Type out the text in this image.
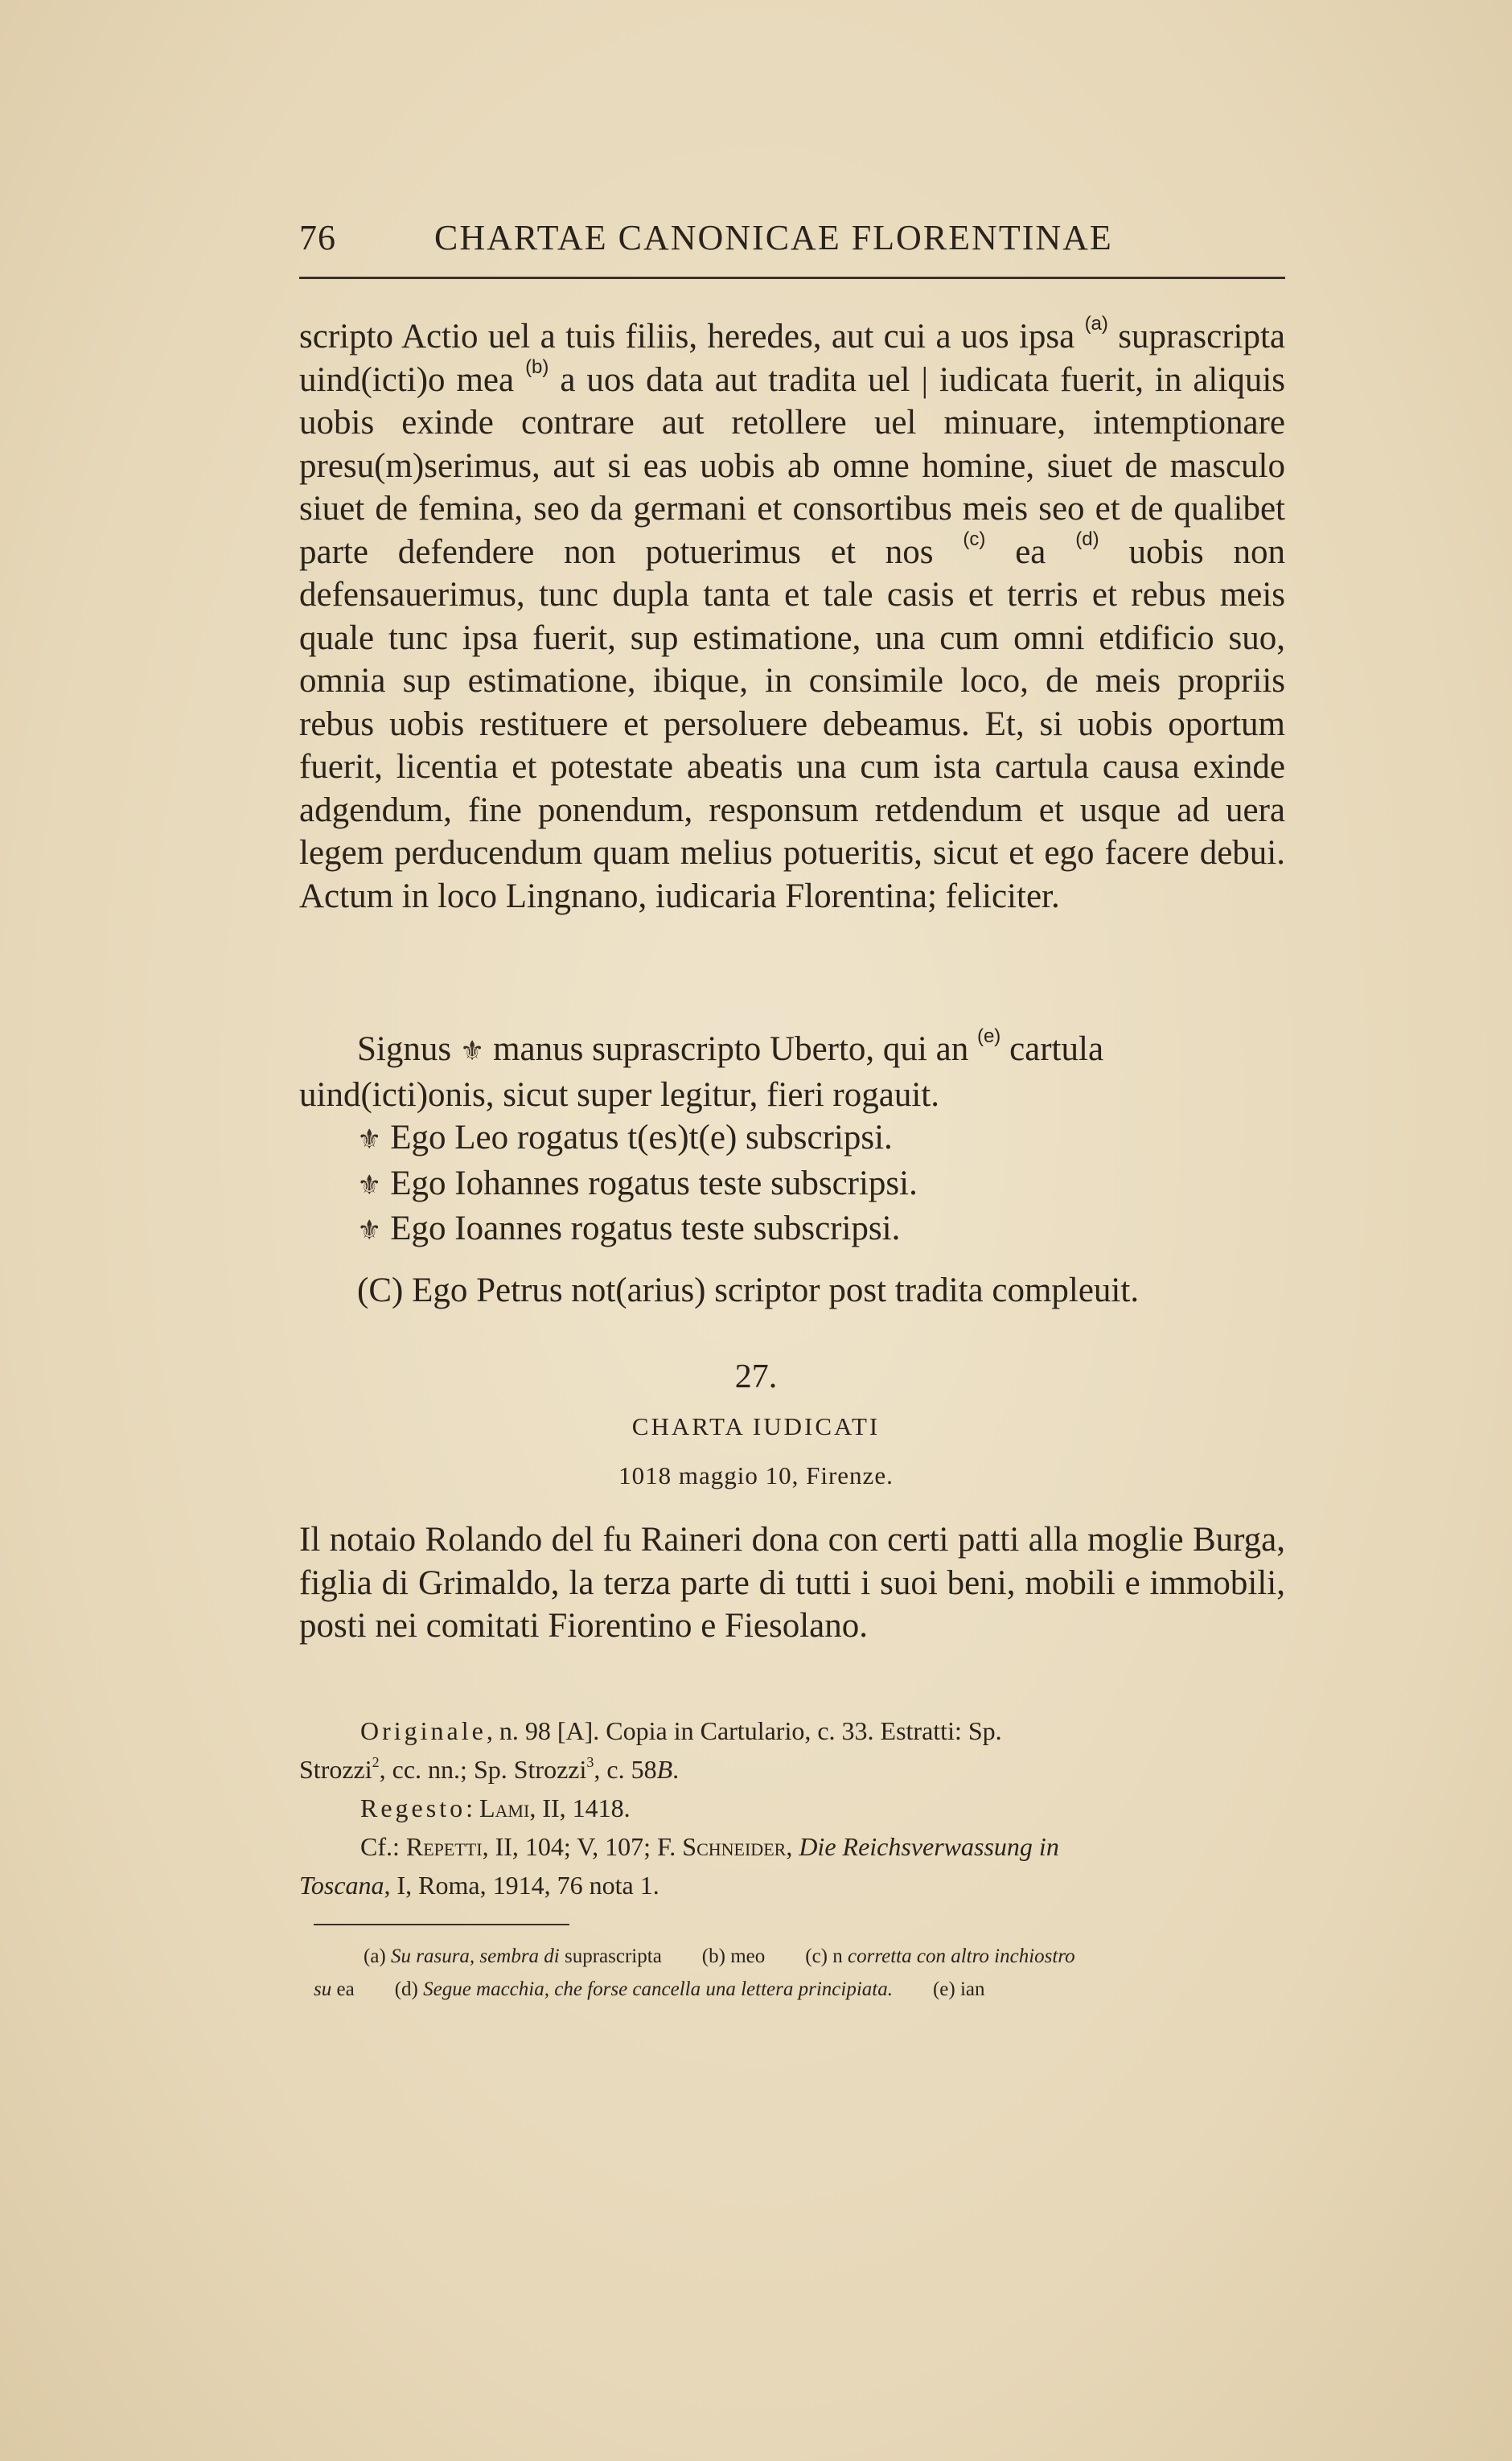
76	CHARTAE CANONICAE FLORENTINAE

scripto Actio uel a tuis filiis, heredes, aut cui a uos ipsa $^{(a)}$ suprascripta uind(icti)o mea $^{(b)}$ a uos data aut tradita uel | iudicata fuerit, in aliquis uobis exinde contrare aut retollere uel minuare, intemptionare presu(m)serimus, aut si eas uobis ab omne homine, siuet de masculo siuet de femina, seo da germani et consortibus meis seo et de qualibet parte defendere non potuerimus et nos $^{(c)}$ ea $^{(d)}$ uobis non defensauerimus, tunc dupla tanta et tale casis et terris et rebus meis quale tunc ipsa fuerit, sup estimatione, una cum omni etdificio suo, omnia sup estimatione, ibique, in consimile loco, de meis propriis rebus uobis restituere et persoluere debeamus. Et, si uobis oportum fuerit, licentia et potestate abeatis una cum ista cartula causa exinde adgendum, fine ponendum, responsum retdendum et usque ad uera legem perducendum quam melius potueritis, sicut et ego facere debui. Actum in loco Lingnano, iudicaria Florentina; feliciter.

Signus ⚜ manus suprascripto Uberto, qui an $^{(e)}$ cartula

uind(icti)onis, sicut super legitur, fieri rogauit.

⚜ Ego Leo rogatus t(es)t(e) subscripsi.

⚜ Ego Iohannes rogatus teste subscripsi.

⚜ Ego Ioannes rogatus teste subscripsi.

(C) Ego Petrus not(arius) scriptor post tradita compleuit.

27.
CHARTA IUDICATI
1018 maggio 10, Firenze.

Il notaio Rolando del fu Raineri dona con certi patti alla moglie Burga, figlia di Grimaldo, la terza parte di tutti i suoi beni, mobili e immobili, posti nei comitati Fiorentino e Fiesolano.

Originale, n. 98 [A]. Copia in Cartulario, c. 33. Estratti: Sp.

Strozzi$^2$, cc. nn.; Sp. Strozzi$^3$, c. 58B.

Regesto: Lami, II, 1418.

Cf.: Repetti, II, 104; V, 107; F. Schneider, Die Reichsverwassung in

Toscana, I, Roma, 1914, 76 nota 1.

(a) Su rasura, sembra di suprascripta (b) meo (c) n corretta con altro inchiostro

su ea (d) Segue macchia, che forse cancella una lettera principiata. (e) ian
